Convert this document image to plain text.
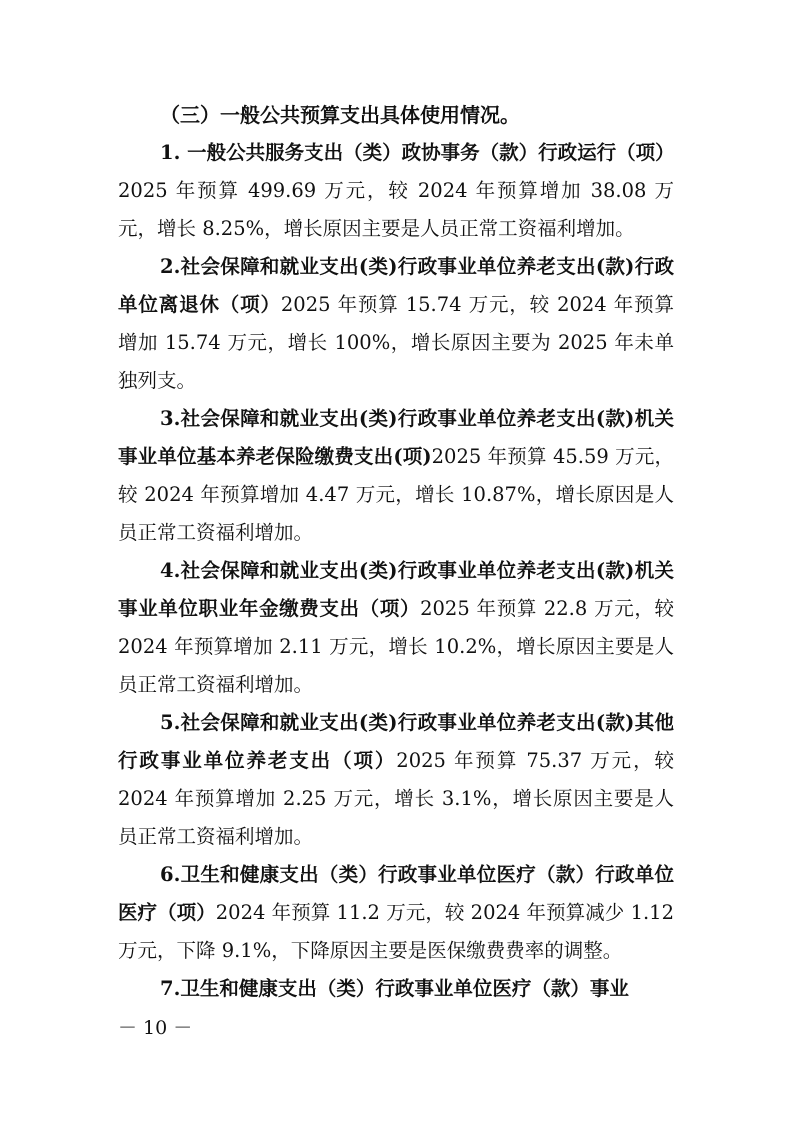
（三）一般公共预算支出具体使用情况。

1. 一般公共服务支出（类）政协事务（款）行政运行（项）2025 年预算 499.69 万元，较 2024 年预算增加 38.08 万元，增长 8.25%，增长原因主要是人员正常工资福利增加。

2.社会保障和就业支出(类)行政事业单位养老支出(款)行政单位离退休（项）2025 年预算 15.74 万元，较 2024 年预算增加 15.74 万元，增长 100%，增长原因主要为 2025 年未单独列支。

3.社会保障和就业支出(类)行政事业单位养老支出(款)机关事业单位基本养老保险缴费支出(项)2025 年预算 45.59 万元，较 2024 年预算增加 4.47 万元，增长 10.87%，增长原因是人员正常工资福利增加。

4.社会保障和就业支出(类)行政事业单位养老支出(款)机关事业单位职业年金缴费支出（项）2025 年预算 22.8 万元，较 2024 年预算增加 2.11 万元，增长 10.2%，增长原因主要是人员正常工资福利增加。

5.社会保障和就业支出(类)行政事业单位养老支出(款)其他行政事业单位养老支出（项）2025 年预算 75.37 万元，较 2024 年预算增加 2.25 万元，增长 3.1%，增长原因主要是人员正常工资福利增加。

6.卫生和健康支出（类）行政事业单位医疗（款）行政单位医疗（项）2024 年预算 11.2 万元，较 2024 年预算减少 1.12 万元，下降 9.1%，下降原因主要是医保缴费费率的调整。

7.卫生和健康支出（类）行政事业单位医疗（款）事业

－ 10 －
